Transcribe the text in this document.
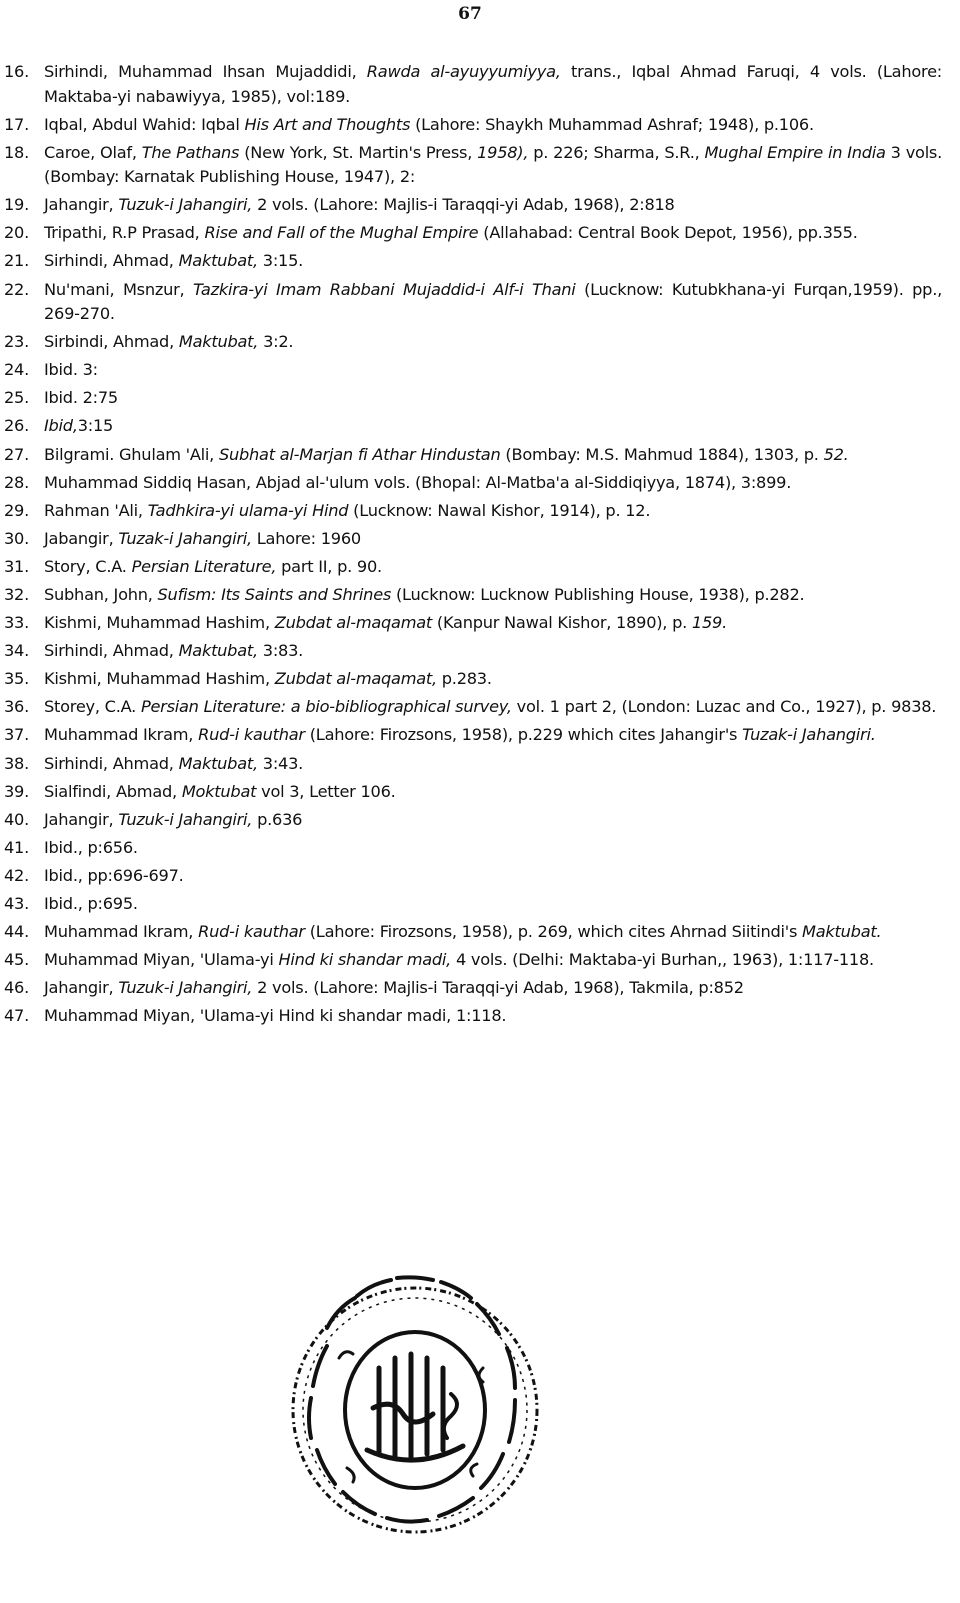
67
16. Sirhindi, Muhammad Ihsan Mujaddidi, Rawda al-ayuyyumiyya, trans., Iqbal Ahmad Faruqi, 4 vols. (Lahore: Maktaba-yi nabawiyya, 1985), vol:189.
17. Iqbal, Abdul Wahid: Iqbal His Art and Thoughts (Lahore: Shaykh Muhammad Ashraf; 1948), p.106.
18. Caroe, Olaf, The Pathans (New York, St. Martin's Press, 1958), p. 226; Sharma, S.R., Mughal Empire in India 3 vols. (Bombay: Karnatak Publishing House, 1947), 2:
19. Jahangir, Tuzuk-i Jahangiri, 2 vols. (Lahore: Majlis-i Taraqqi-yi Adab, 1968), 2:818
20. Tripathi, R.P Prasad, Rise and Fall of the Mughal Empire (Allahabad: Central Book Depot, 1956), pp.355.
21. Sirhindi, Ahmad, Maktubat, 3:15.
22. Nu'mani, Msnzur, Tazkira-yi Imam Rabbani Mujaddid-i Alf-i Thani (Lucknow: Kutubkhana-yi Furqan,1959). pp., 269-270.
23. Sirbindi, Ahmad, Maktubat, 3:2.
24. Ibid. 3:
25. Ibid. 2:75
26. Ibid,3:15
27. Bilgrami. Ghulam 'Ali, Subhat al-Marjan fi Athar Hindustan (Bombay: M.S. Mahmud 1884), 1303, p. 52.
28. Muhammad Siddiq Hasan, Abjad al-'ulum vols. (Bhopal: Al-Matba'a al-Siddiqiyya, 1874), 3:899.
29. Rahman 'Ali, Tadhkira-yi ulama-yi Hind (Lucknow: Nawal Kishor, 1914), p. 12.
30. Jabangir, Tuzak-i Jahangiri, Lahore: 1960
31. Story, C.A. Persian Literature, part II, p. 90.
32. Subhan, John, Sufism: Its Saints and Shrines (Lucknow: Lucknow Publishing House, 1938), p.282.
33. Kishmi, Muhammad Hashim, Zubdat al-maqamat (Kanpur Nawal Kishor, 1890), p. 159.
34. Sirhindi, Ahmad, Maktubat, 3:83.
35. Kishmi, Muhammad Hashim, Zubdat al-maqamat, p.283.
36. Storey, C.A. Persian Literature: a bio-bibliographical survey, vol. 1 part 2, (London: Luzac and Co., 1927), p. 9838.
37. Muhammad Ikram, Rud-i kauthar (Lahore: Firozsons, 1958), p.229 which cites Jahangir's Tuzak-i Jahangiri.
38. Sirhindi, Ahmad, Maktubat, 3:43.
39. Sialfindi, Abmad, Moktubat vol 3, Letter 106.
40. Jahangir, Tuzuk-i Jahangiri, p.636
41. Ibid., p:656.
42. Ibid., pp:696-697.
43. Ibid., p:695.
44. Muhammad Ikram, Rud-i kauthar (Lahore: Firozsons, 1958), p. 269, which cites Ahrnad Siitindi's Maktubat.
45. Muhammad Miyan, 'Ulama-yi Hind ki shandar madi, 4 vols. (Delhi: Maktaba-yi Burhan,, 1963), 1:117-118.
46. Jahangir, Tuzuk-i Jahangiri, 2 vols. (Lahore: Majlis-i Taraqqi-yi Adab, 1968), Takmila, p:852
47. Muhammad Miyan, 'Ulama-yi Hind ki shandar madi, 1:118.
